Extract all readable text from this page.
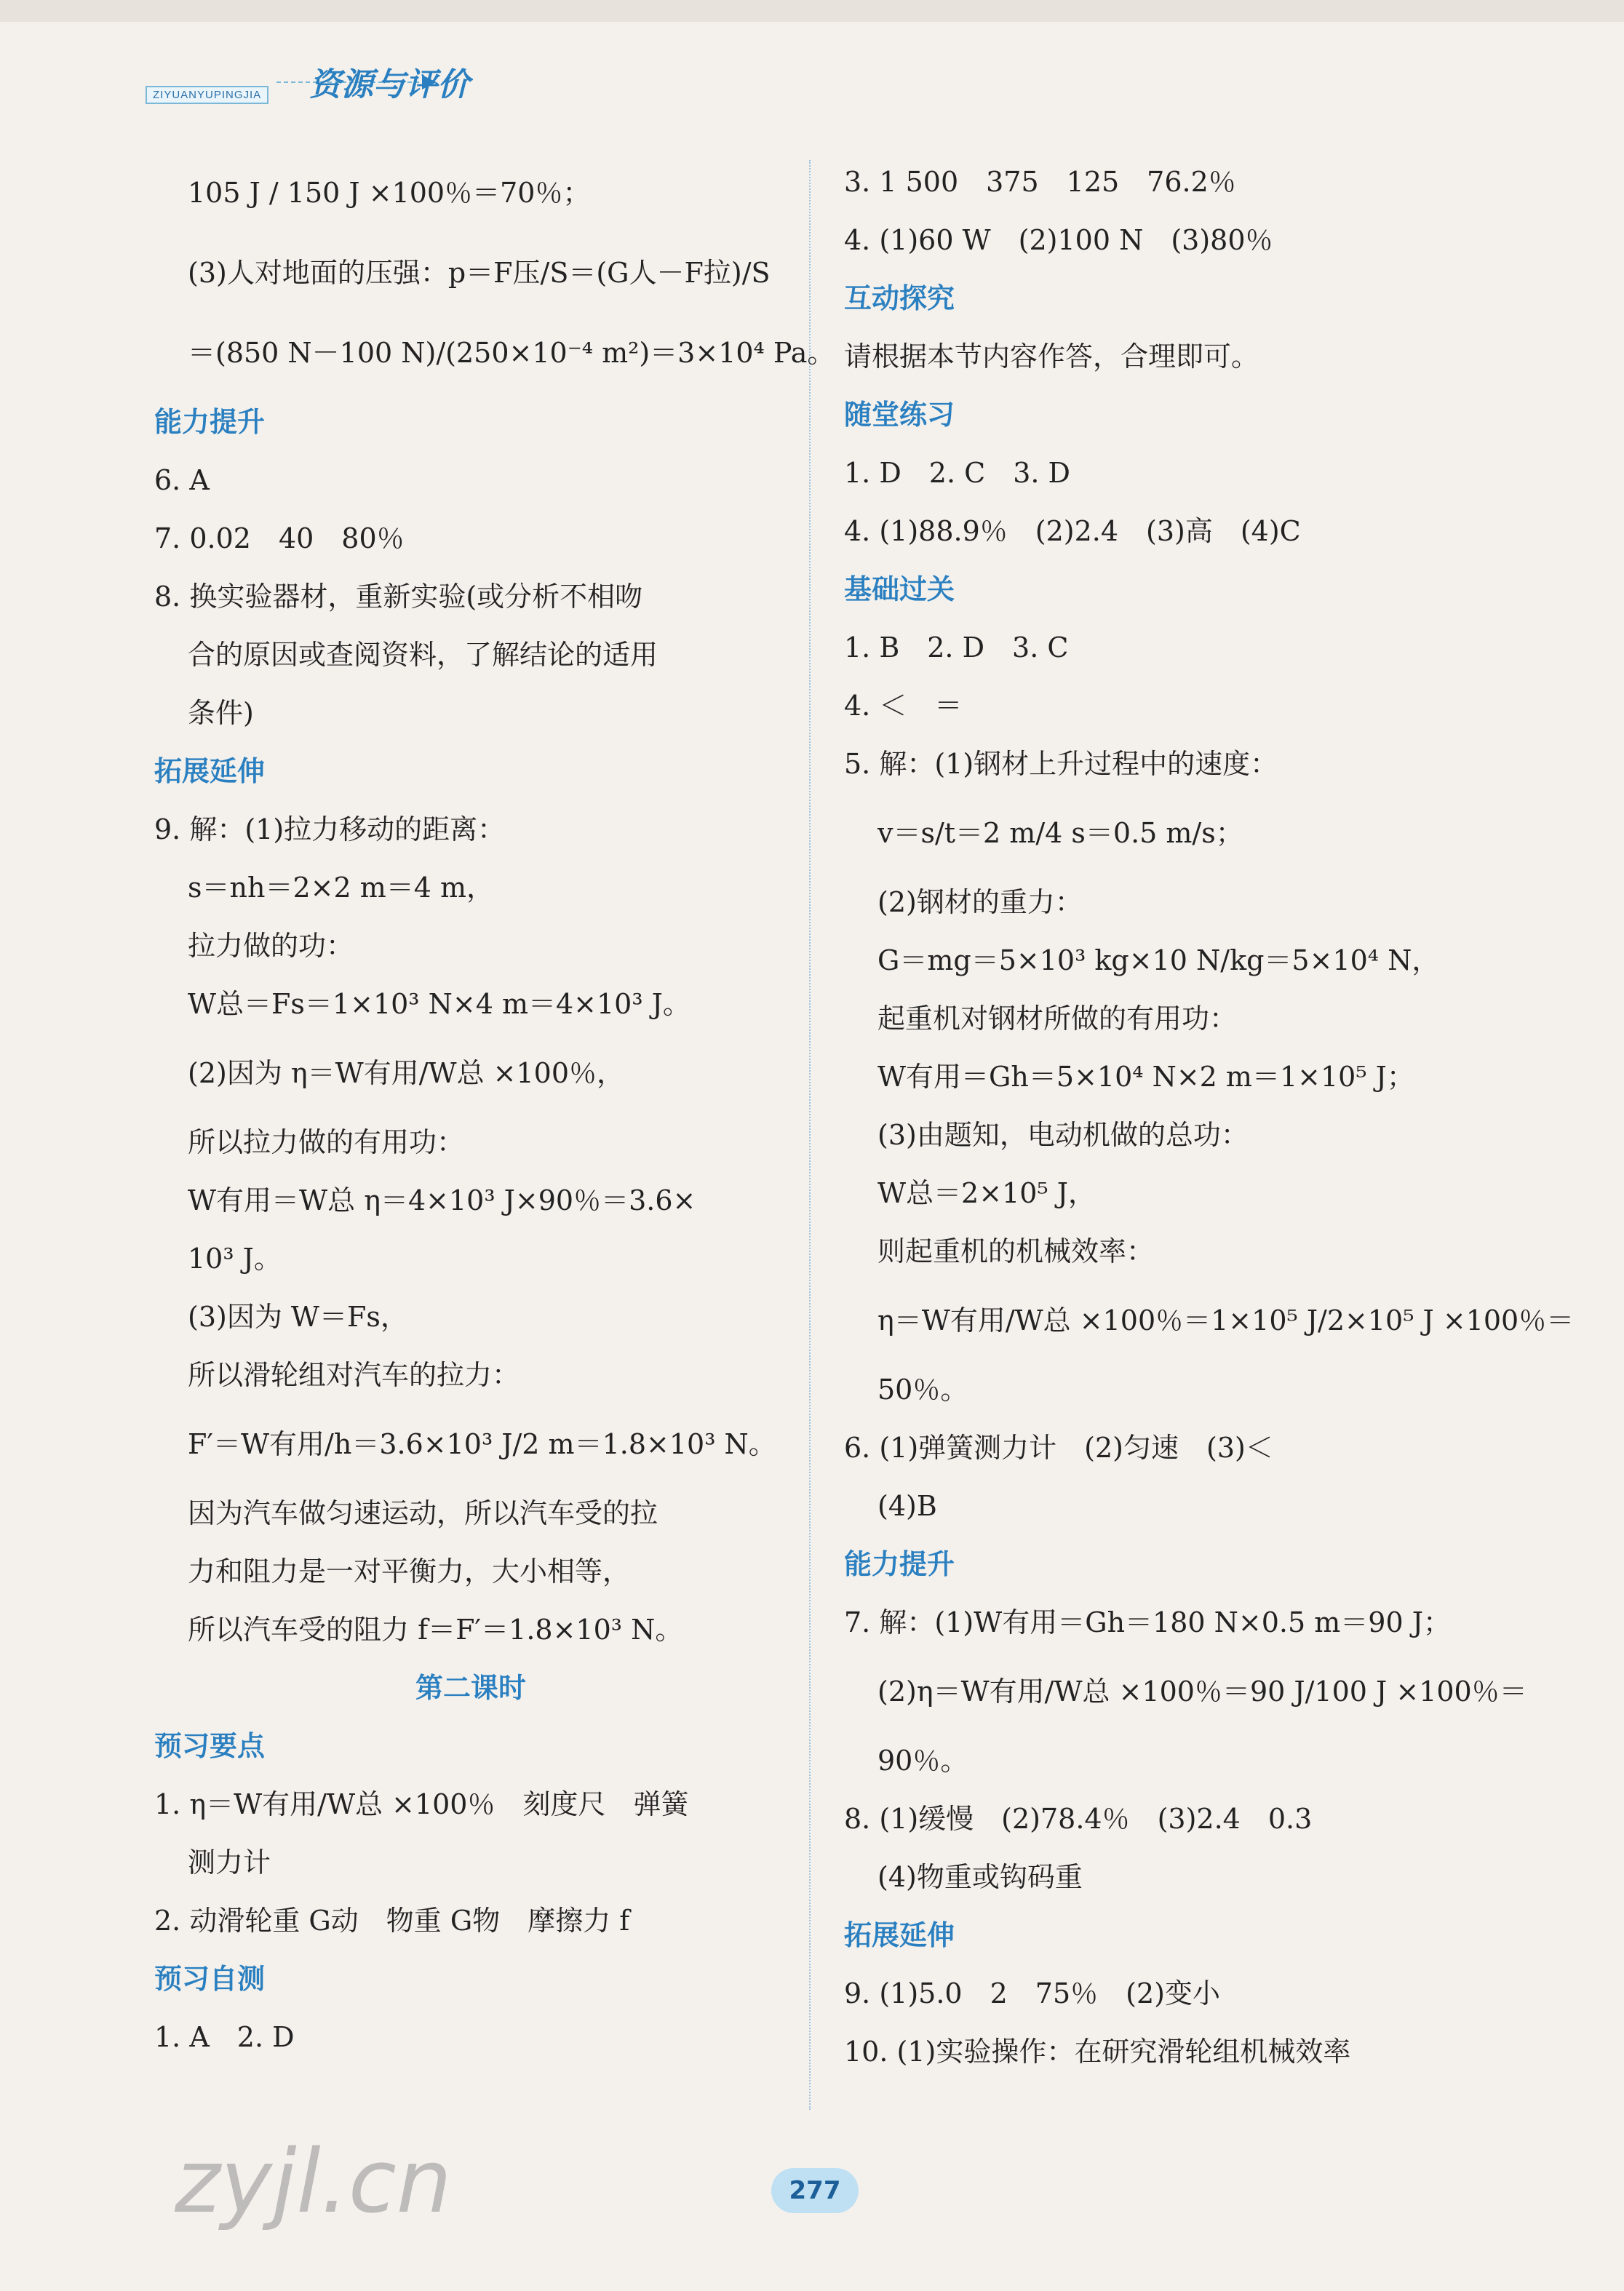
ZIYUANYUPINGJIA 资源与评价
105 J / 150 J ×100％＝70％；
(3)人对地面的压强：p＝F压/S＝(G人－F拉)/S
＝(850 N－100 N)/(250×10⁻⁴ m²)＝3×10⁴ Pa。
能力提升
6. A
7. 0.02　40　80％
8. 换实验器材，重新实验(或分析不相吻
合的原因或查阅资料，了解结论的适用
条件)
拓展延伸
9. 解：(1)拉力移动的距离：
s＝nh＝2×2 m＝4 m，
拉力做的功：
W总＝Fs＝1×10³ N×4 m＝4×10³ J。
(2)因为 η＝W有用/W总 ×100％，
所以拉力做的有用功：
W有用＝W总 η＝4×10³ J×90％＝3.6×
10³ J。
(3)因为 W＝Fs，
所以滑轮组对汽车的拉力：
F′＝W有用/h＝3.6×10³ J/2 m＝1.8×10³ N。
因为汽车做匀速运动，所以汽车受的拉
力和阻力是一对平衡力，大小相等，
所以汽车受的阻力 f＝F′＝1.8×10³ N。
第二课时
预习要点
1. η＝W有用/W总 ×100％　刻度尺　弹簧
测力计
2. 动滑轮重 G动　物重 G物　摩擦力 f
预习自测
1. A　2. D
3. 1 500　375　125　76.2％
4. (1)60 W　(2)100 N　(3)80％
互动探究
请根据本节内容作答，合理即可。
随堂练习
1. D　2. C　3. D
4. (1)88.9％　(2)2.4　(3)高　(4)C
基础过关
1. B　2. D　3. C
4. ＜　＝
5. 解：(1)钢材上升过程中的速度：
v＝s/t＝2 m/4 s＝0.5 m/s；
(2)钢材的重力：
G＝mg＝5×10³ kg×10 N/kg＝5×10⁴ N，
起重机对钢材所做的有用功：
W有用＝Gh＝5×10⁴ N×2 m＝1×10⁵ J；
(3)由题知，电动机做的总功：
W总＝2×10⁵ J，
则起重机的机械效率：
η＝W有用/W总 ×100％＝1×10⁵ J/2×10⁵ J ×100％＝
50％。
6. (1)弹簧测力计　(2)匀速　(3)＜
(4)B
能力提升
7. 解：(1)W有用＝Gh＝180 N×0.5 m＝90 J；
(2)η＝W有用/W总 ×100％＝90 J/100 J ×100％＝
90％。
8. (1)缓慢　(2)78.4％　(3)2.4　0.3
(4)物重或钩码重
拓展延伸
9. (1)5.0　2　75％　(2)变小
10. (1)实验操作：在研究滑轮组机械效率
zyjl.cn	277
